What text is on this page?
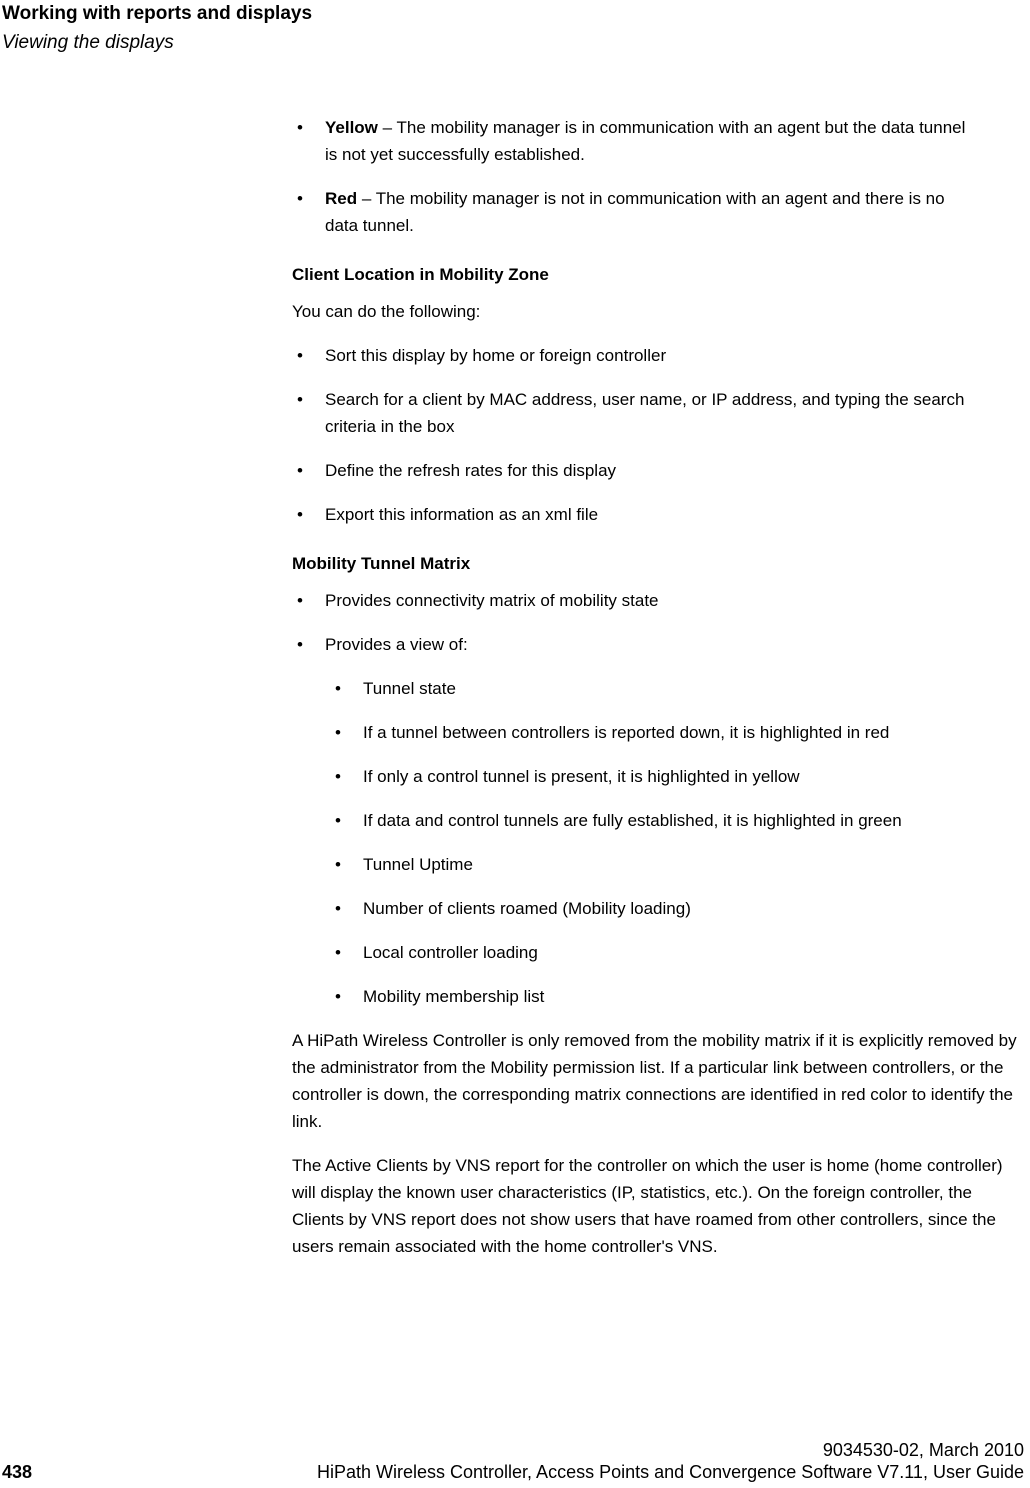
Working with reports and displays
Viewing the displays
• Yellow – The mobility manager is in communication with an agent but the data tunnel is not yet successfully established.
• Red – The mobility manager is not in communication with an agent and there is no data tunnel.
Client Location in Mobility Zone

You can do the following:

• Sort this display by home or foreign controller
• Search for a client by MAC address, user name, or IP address, and typing the search criteria in the box
• Define the refresh rates for this display
• Export this information as an xml file
Mobility Tunnel Matrix
• Provides connectivity matrix of mobility state
• Provides a view of:
• Tunnel state
• If a tunnel between controllers is reported down, it is highlighted in red
• If only a control tunnel is present, it is highlighted in yellow
• If data and control tunnels are fully established, it is highlighted in green
• Tunnel Uptime
• Number of clients roamed (Mobility loading)
• Local controller loading
• Mobility membership list

A HiPath Wireless Controller is only removed from the mobility matrix if it is explicitly removed by the administrator from the Mobility permission list. If a particular link between controllers, or the controller is down, the corresponding matrix connections are identified in red color to identify the link.

The Active Clients by VNS report for the controller on which the user is home (home controller) will display the known user characteristics (IP, statistics, etc.). On the foreign controller, the Clients by VNS report does not show users that have roamed from other controllers, since the users remain associated with the home controller's VNS.

9034530-02, March 2010
438	HiPath Wireless Controller, Access Points and Convergence Software V7.11, User Guide
